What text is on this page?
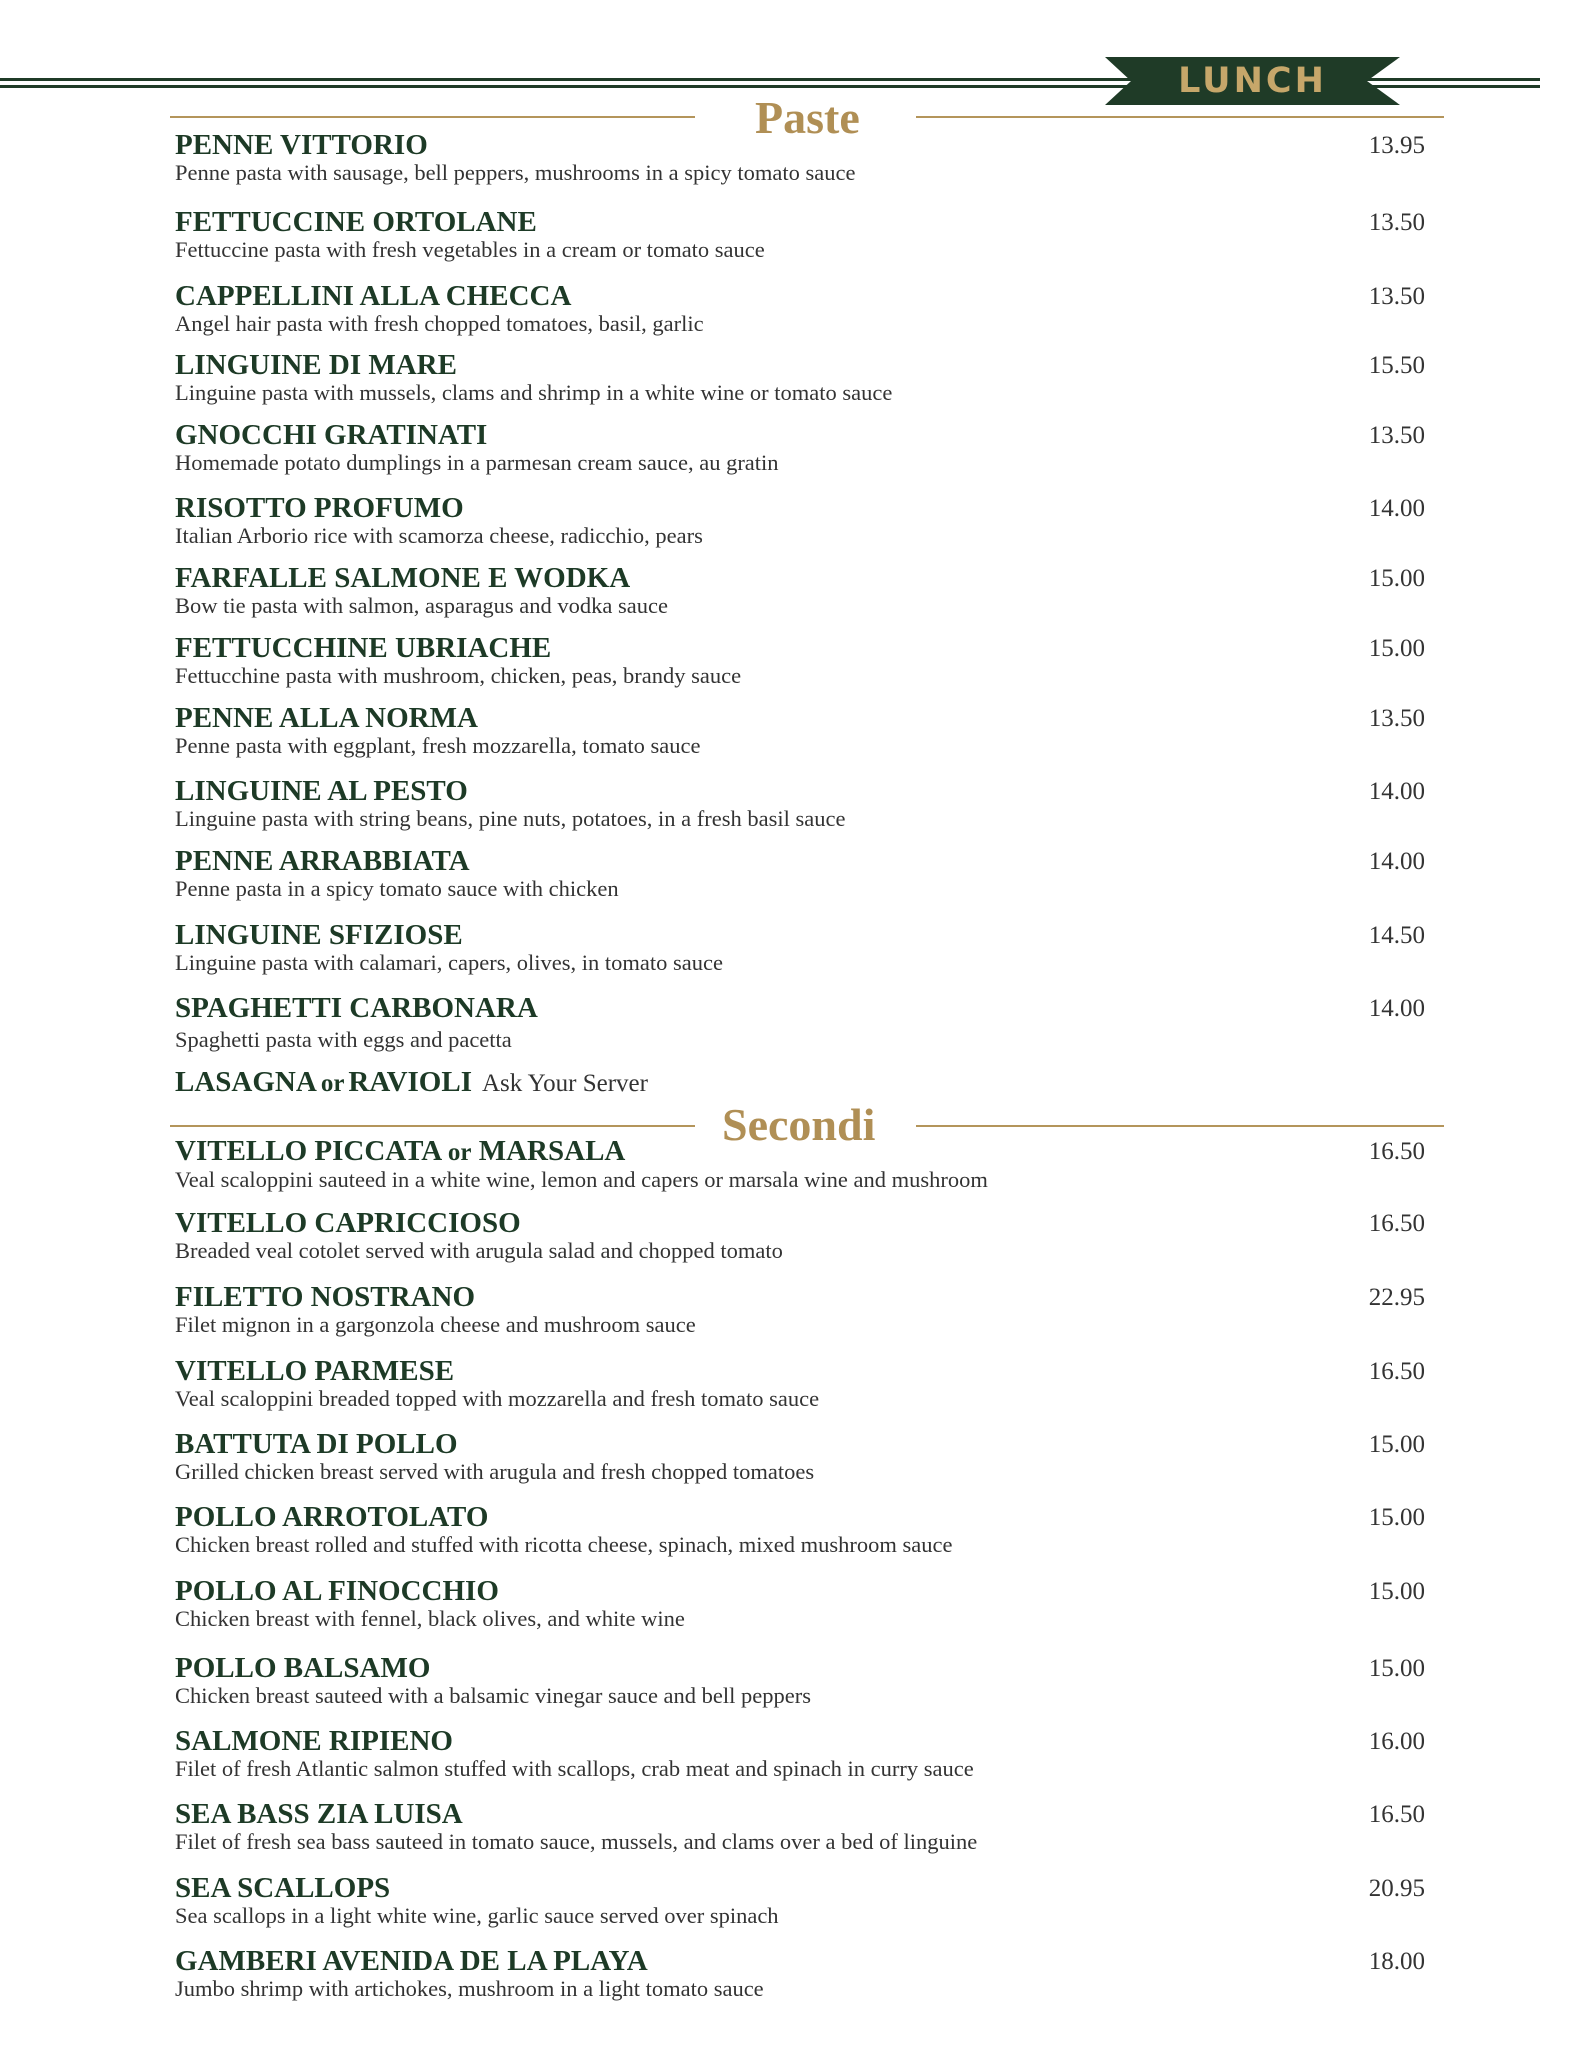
LUNCH
Paste
PENNE VITTORIO
Penne pasta with sausage, bell peppers, mushrooms in a spicy tomato sauce
13.95
FETTUCCINE ORTOLANE
Fettuccine pasta with fresh vegetables in a cream or tomato sauce
13.50
CAPPELLINI ALLA CHECCA
Angel hair pasta with fresh chopped tomatoes, basil, garlic
13.50
LINGUINE DI MARE
Linguine pasta with mussels, clams and shrimp in a white wine or tomato sauce
15.50
GNOCCHI GRATINATI
Homemade potato dumplings in a parmesan cream sauce, au gratin
13.50
RISOTTO PROFUMO
Italian Arborio rice with scamorza cheese, radicchio, pears
14.00
FARFALLE SALMONE E WODKA
Bow tie pasta with salmon, asparagus and vodka sauce
15.00
FETTUCCHINE UBRIACHE
Fettucchine pasta with mushroom, chicken, peas, brandy sauce
15.00
PENNE ALLA NORMA
Penne pasta with eggplant, fresh mozzarella, tomato sauce
13.50
LINGUINE AL PESTO
Linguine pasta with string beans, pine nuts, potatoes, in a fresh basil sauce
14.00
PENNE ARRABBIATA
Penne pasta in a spicy tomato sauce with chicken
14.00
LINGUINE SFIZIOSE
Linguine pasta with calamari, capers, olives, in tomato sauce
14.50
SPAGHETTI CARBONARA
Spaghetti pasta with eggs and pacetta
14.00
LASAGNA or RAVIOLI Ask Your Server
Secondi
VITELLO PICCATA or MARSALA
Veal scaloppini sauteed in a white wine, lemon and capers or marsala wine and mushroom
16.50
VITELLO CAPRICCIOSO
Breaded veal cotolet served with arugula salad and chopped tomato
16.50
FILETTO NOSTRANO
Filet mignon in a gargonzola cheese and mushroom sauce
22.95
VITELLO PARMESE
Veal scaloppini breaded topped with mozzarella and fresh tomato sauce
16.50
BATTUTA DI POLLO
Grilled chicken breast served with arugula and fresh chopped tomatoes
15.00
POLLO ARROTOLATO
Chicken breast rolled and stuffed with ricotta cheese, spinach, mixed mushroom sauce
15.00
POLLO AL FINOCCHIO
Chicken breast with fennel, black olives, and white wine
15.00
POLLO BALSAMO
Chicken breast sauteed with a balsamic vinegar sauce and bell peppers
15.00
SALMONE RIPIENO
Filet of fresh Atlantic salmon stuffed with scallops, crab meat and spinach in curry sauce
16.00
SEA BASS ZIA LUISA
Filet of fresh sea bass sauteed in tomato sauce, mussels, and clams over a bed of linguine
16.50
SEA SCALLOPS
Sea scallops in a light white wine, garlic sauce served over spinach
20.95
GAMBERI AVENIDA DE LA PLAYA
Jumbo shrimp with artichokes, mushroom in a light tomato sauce
18.00
